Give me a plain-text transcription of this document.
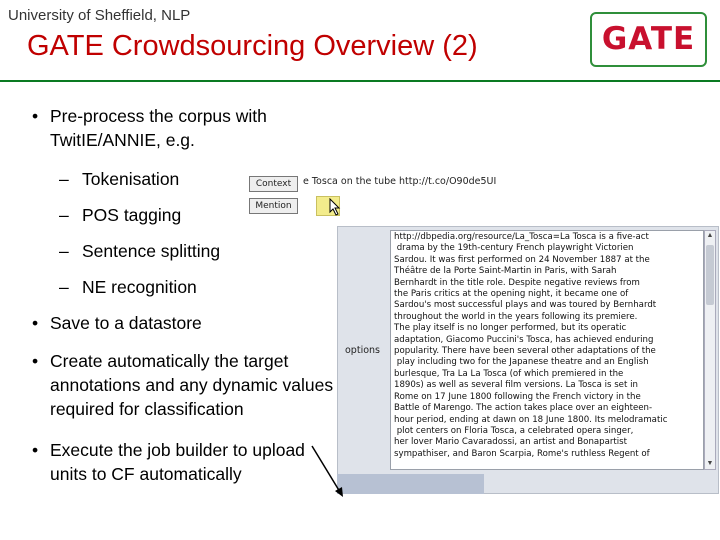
University of Sheffield, NLP
GATE Crowdsourcing Overview (2)	GATE
• Pre-process the corpus with TwitIE/ANNIE, e.g.
– Tokenisation
– POS tagging
– Sentence splitting
– NE recognition
• Save to a datastore
• Create automatically the target annotations and any dynamic values required for classification
• Execute the job builder to upload units to CF automatically
Context	e Tosca on the tube http://t.co/O90de5UI
Mention
options
http://dbpedia.org/resource/La_Tosca=La Tosca is a five-act
drama by the 19th-century French playwright Victorien
Sardou. It was first performed on 24 November 1887 at the
Théâtre de la Porte Saint-Martin in Paris, with Sarah
Bernhardt in the title role. Despite negative reviews from
the Paris critics at the opening night, it became one of
Sardou's most successful plays and was toured by Bernhardt
throughout the world in the years following its premiere.
The play itself is no longer performed, but its operatic
adaptation, Giacomo Puccini's Tosca, has achieved enduring
popularity. There have been several other adaptations of the
play including two for the Japanese theatre and an English
burlesque, Tra La La Tosca (of which premiered in the
1890s) as well as several film versions. La Tosca is set in
Rome on 17 June 1800 following the French victory in the
Battle of Marengo. The action takes place over an eighteen-
hour period, ending at dawn on 18 June 1800. Its melodramatic
plot centers on Floria Tosca, a celebrated opera singer,
her lover Mario Cavaradossi, an artist and Bonapartist
sympathiser, and Baron Scarpia, Rome's ruthless Regent of
▲
▼
